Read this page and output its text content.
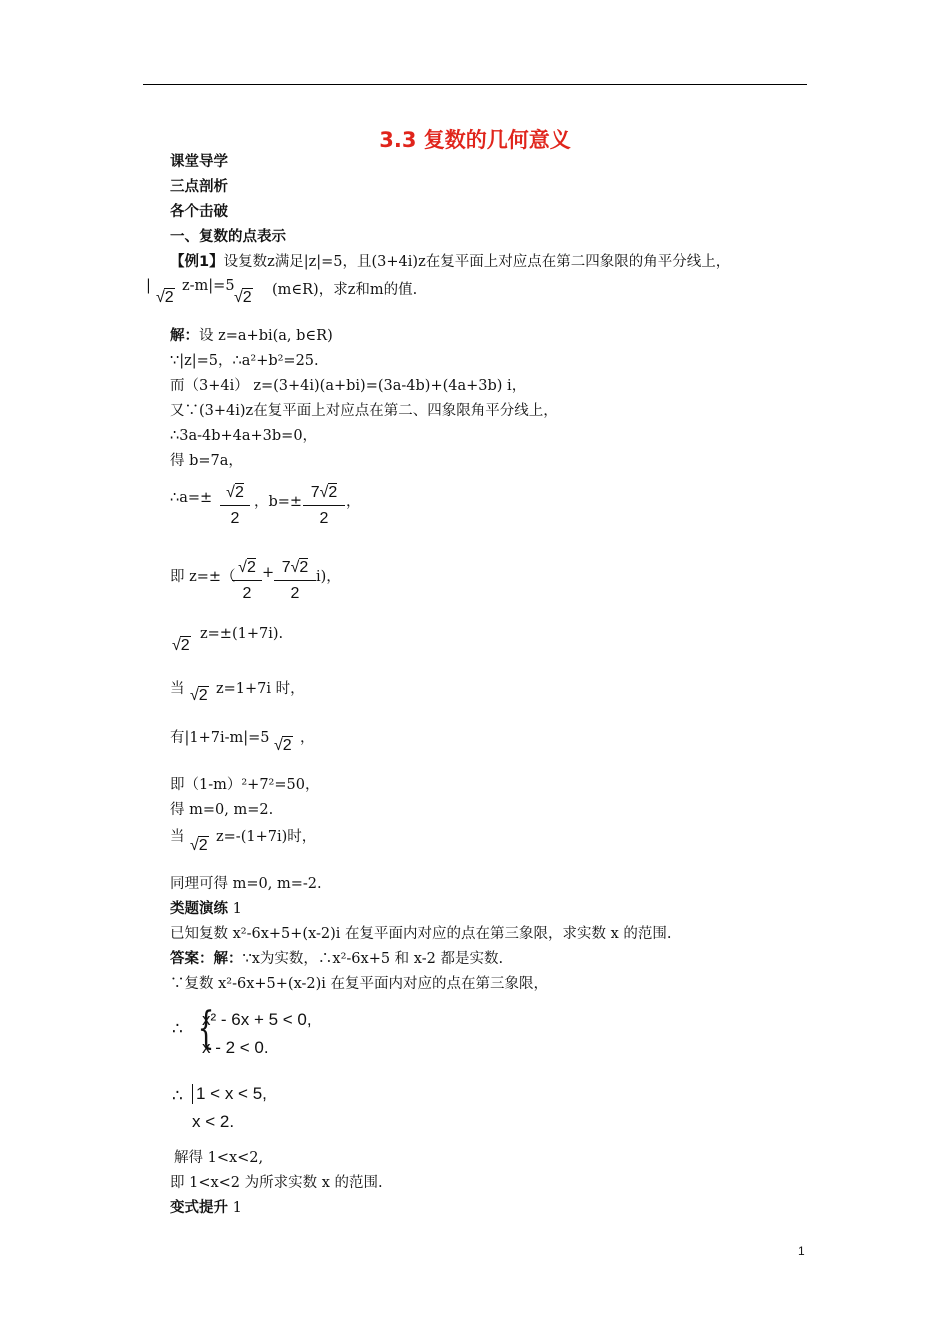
3.3 复数的几何意义
课堂导学
三点剖析
各个击破
一、复数的点表示
【例1】设复数z满足|z|=5，且(3+4i)z在复平面上对应点在第二四象限的角平分线上，
|
√2
z-m|=5
√2 (m∈R)，求z和m的值.
解：设 z=a+bi(a, b∈R)
∵|z|=5，∴a²+b²=25.
而（3+4i） z=(3+4i)(a+bi)=(3a-4b)+(4a+3b) i，
又∵(3+4i)z在复平面上对应点在第二、四象限角平分线上，
∴3a-4b+4a+3b=0，
得 b=7a，
∴a=± $\frac{√2}{2}$ ，$b=\pm \frac{7√2}{2}$ ，
即 z=±（
$\frac{√2}{2} + \frac{7√2}{2} i$)，
√2
z=±(1+7i).
当 √2 z=1+7i 时，
有|1+7i-m|=5 √2 ，
即（1-m）²+7²=50，
得 m=0, m=2.
当 √2 z=-(1+7i)时，
同理可得 m=0, m=-2.
类题演练 1
已知复数 x²-6x+5+(x-2)i 在复平面内对应的点在第三象限，求实数 x 的范围.
答案：解：∵x为实数，∴x²-6x+5 和 x-2 都是实数.
∵复数 x²-6x+5+(x-2)i 在复平面内对应的点在第三象限，
∴ {
x² - 6x + 5 < 0,
x - 2 < 0.
∴ 1 < x < 5,
x < 2.
解得 1<x<2,
即 1<x<2 为所求实数 x 的范围.
变式提升 1
1
